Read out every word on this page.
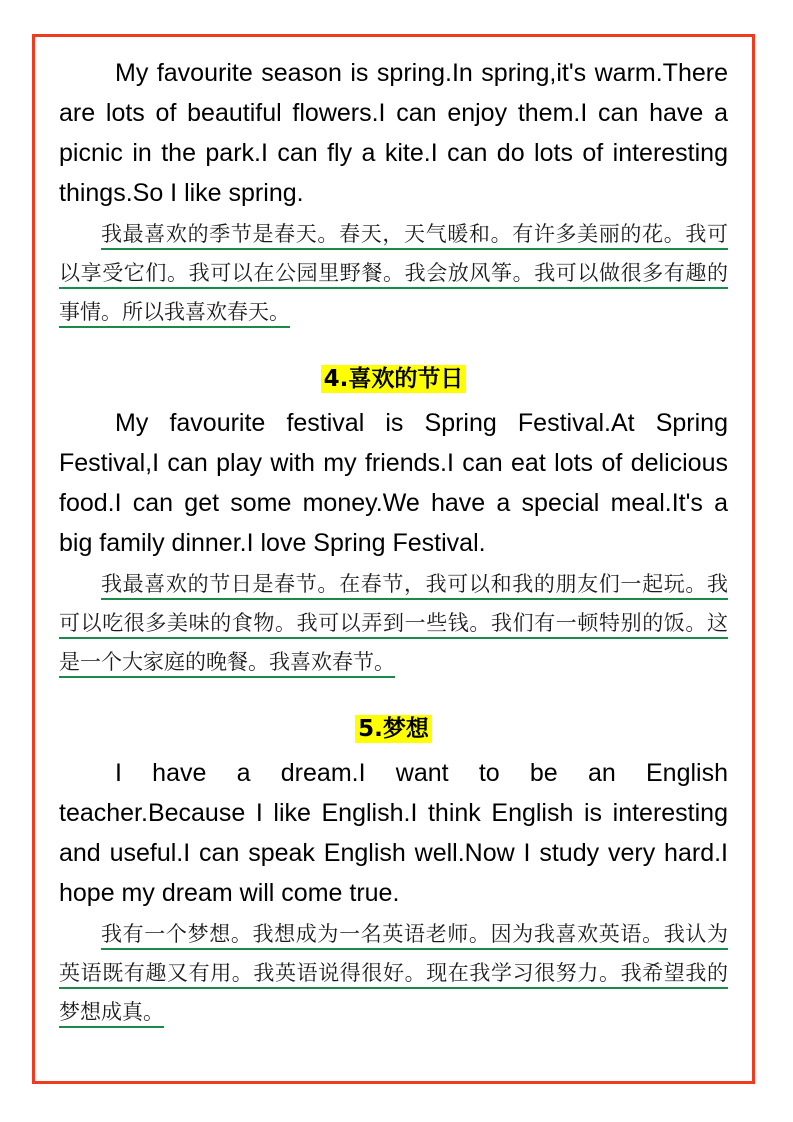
My favourite season is spring.In spring,it's warm.There are lots of beautiful flowers.I can enjoy them.I can have a picnic in the park.I can fly a kite.I can do lots of interesting things.So I like spring.

我最喜欢的季节是春天。春天，天气暖和。有许多美丽的花。我可以享受它们。我可以在公园里野餐。我会放风筝。我可以做很多有趣的事情。所以我喜欢春天。

4.喜欢的节日

My favourite festival is Spring Festival.At Spring Festival,I can play with my friends.I can eat lots of delicious food.I can get some money.We have a special meal.It's a big family dinner.I love Spring Festival.

我最喜欢的节日是春节。在春节，我可以和我的朋友们一起玩。我可以吃很多美味的食物。我可以弄到一些钱。我们有一顿特别的饭。这是一个大家庭的晚餐。我喜欢春节。

5.梦想

I have a dream.I want to be an English teacher.Because I like English.I think English is interesting and useful.I can speak English well.Now I study very hard.I hope my dream will come true.

我有一个梦想。我想成为一名英语老师。因为我喜欢英语。我认为英语既有趣又有用。我英语说得很好。现在我学习很努力。我希望我的梦想成真。
